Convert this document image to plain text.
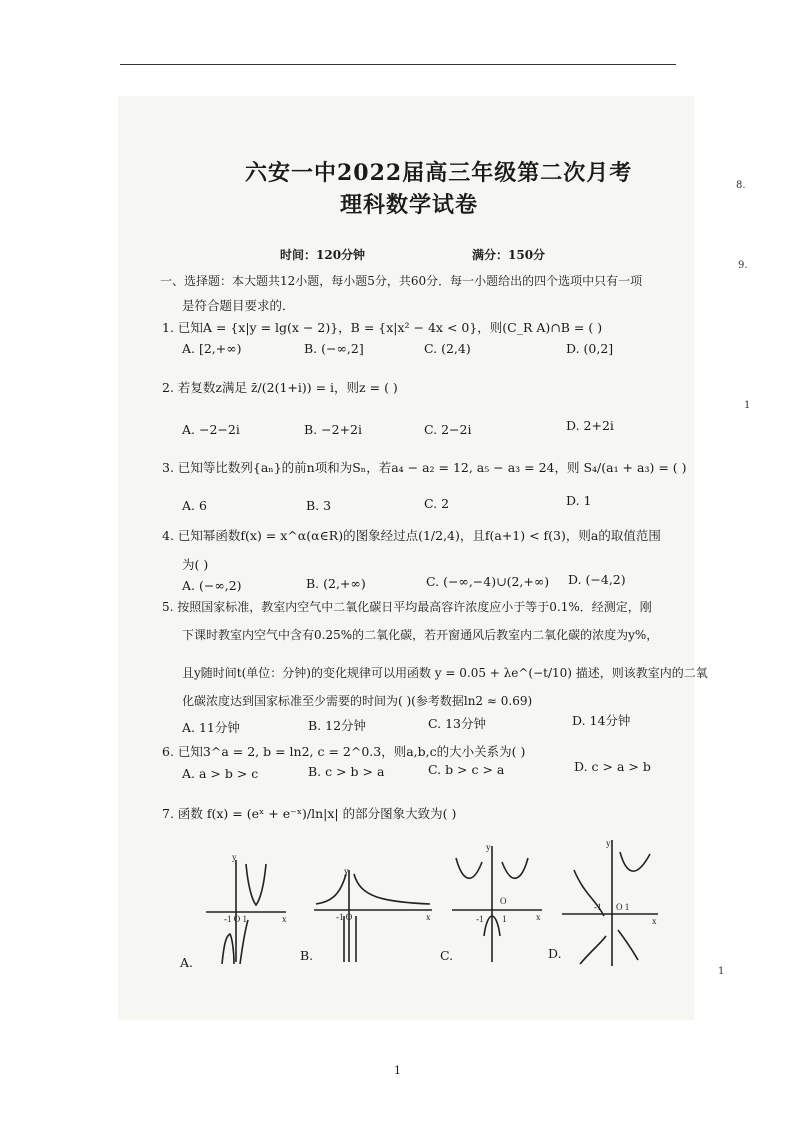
六安一中2022届高三年级第二次月考
理科数学试卷
时间：120分钟	满分：150分
一、选择题：本大题共12小题，每小题5分，共60分．每一小题给出的四个选项中只有一项
是符合题目要求的．
1. 已知A = {x|y = lg(x − 2)}，B = {x|x² − 4x < 0}，则(C_R A)∩B = ( )
A. [2,+∞)	B. (−∞,2]	C. (2,4)	D. (0,2]
2. 若复数z满足 z̄/(2(1+i)) = i，则z = ( )
A. −2−2i	B. −2+2i	C. 2−2i	D. 2+2i
3. 已知等比数列{aₙ}的前n项和为Sₙ，若a₄ − a₂ = 12, a₅ − a₃ = 24，则 S₄/(a₁ + a₃) = ( )
A. 6	B. 3	C. 2	D. 1
4. 已知幂函数f(x) = x^α(α∈R)的图象经过点(1/2,4)，且f(a+1) < f(3)，则a的取值范围
为( )
A. (−∞,2)	B. (2,+∞)	C. (−∞,−4)∪(2,+∞) D. (−4,2)
5. 按照国家标准，教室内空气中二氧化碳日平均最高容许浓度应小于等于0.1%．经测定，刚
下课时教室内空气中含有0.25%的二氧化碳，若开窗通风后教室内二氧化碳的浓度为y%，
且y随时间t(单位：分钟)的变化规律可以用函数 y = 0.05 + λe^(−t/10) 描述，则该教室内的二氧
化碳浓度达到国家标准至少需要的时间为( )(参考数据ln2 ≈ 0.69)
A. 11分钟	B. 12分钟	C. 13分钟	D. 14分钟
6. 已知3^a = 2, b = ln2, c = 2^0.3，则a,b,c的大小关系为( )
A. a > b > c	B. c > b > a	C. b > c > a	D. c > a > b
7. 函数 f(x) = (eˣ + e⁻ˣ)/ln|x| 的部分图象大致为( )
y
x
-1 O 1
y
x
-1 O
y
x
O
-1 1
y
x
O 1
-1
A.	B.	C.	D.
8.
9.
1
1
1
